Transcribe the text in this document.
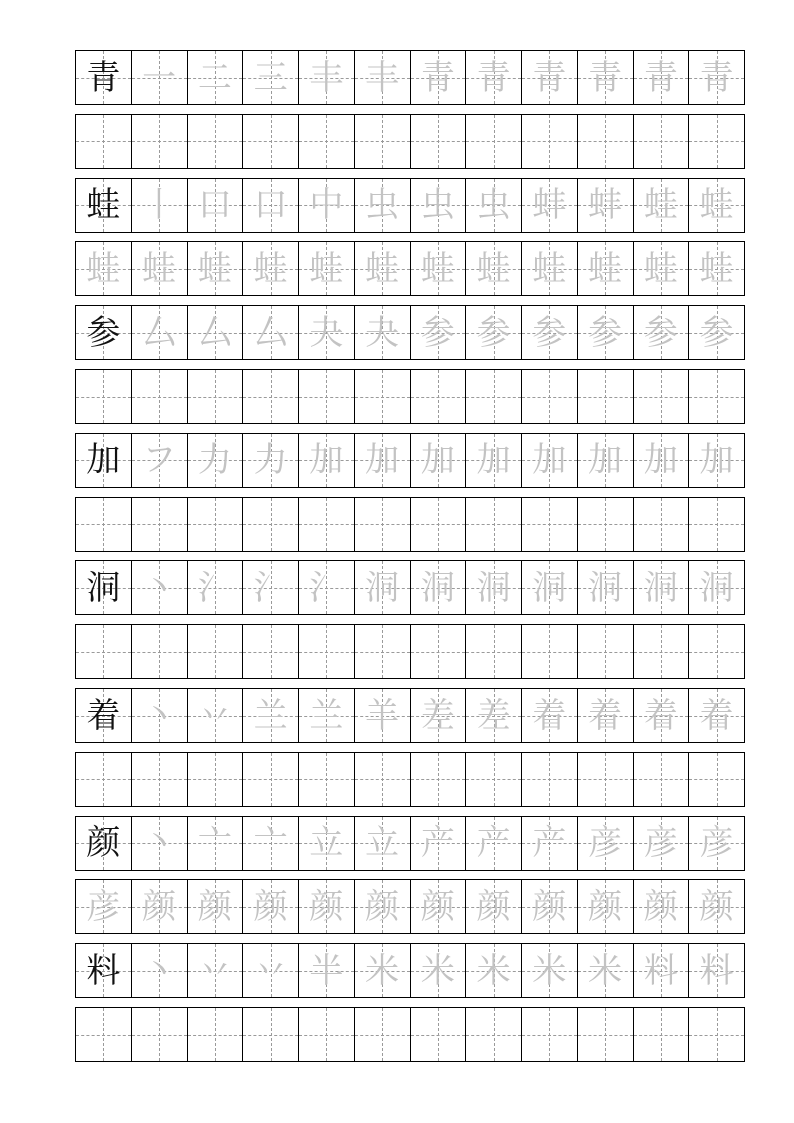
青 一 二 三 丰 丰 青 青 青 青 青 青
蛙 丨 口 口 中 虫 虫 虫 蚌 蚌 蛙 蛙
蛙 蛙 蛙 蛙 蛙 蛙 蛙 蛙 蛙 蛙 蛙 蛙
参 厶 厶 厶 夬 夬 参 参 参 参 参 参
加 フ 力 力 加 加 加 加 加 加 加 加
洞 丶 氵 氵 氵 洞 洞 洞 洞 洞 洞 洞
着 丶 丷 兰 兰 羊 差 差 着 着 着 着
颜 丶 亠 亠 立 立 产 产 产 彦 彦 彦
彦 颜 颜 颜 颜 颜 颜 颜 颜 颜 颜 颜
料 丶 丷 丷 半 米 米 米 米 米 料 料
